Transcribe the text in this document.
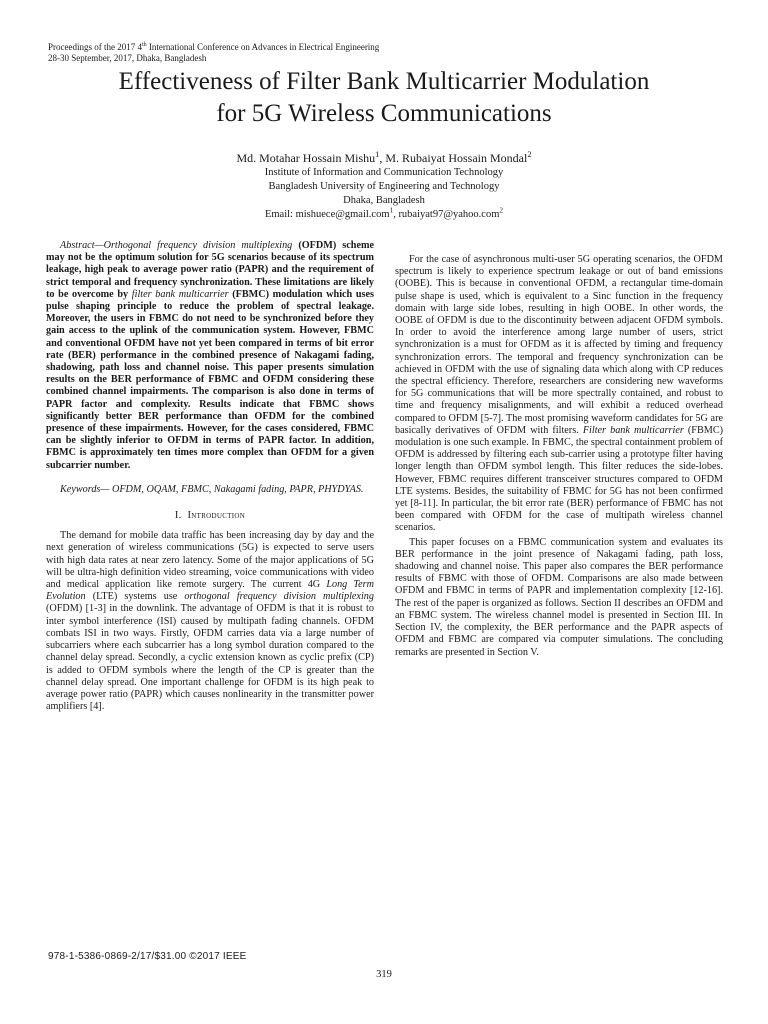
Proceedings of the 2017 4th International Conference on Advances in Electrical Engineering
28-30 September, 2017, Dhaka, Bangladesh
Effectiveness of Filter Bank Multicarrier Modulation
for 5G Wireless Communications
Md. Motahar Hossain Mishu$^1$, M. Rubaiyat Hossain Mondal$^2$
Institute of Information and Communication Technology
Bangladesh University of Engineering and Technology
Dhaka, Bangladesh
Email: mishuece@gmail.com$^1$, rubaiyat97@yahoo.com$^2$

Abstract—Orthogonal frequency division multiplexing (OFDM) scheme may not be the optimum solution for 5G scenarios because of its spectrum leakage, high peak to average power ratio (PAPR) and the requirement of strict temporal and frequency synchronization. These limitations are likely to be overcome by filter bank multicarrier (FBMC) modulation which uses pulse shaping principle to reduce the problem of spectral leakage. Moreover, the users in FBMC do not need to be synchronized before they gain access to the uplink of the communication system. However, FBMC and conventional OFDM have not yet been compared in terms of bit error rate (BER) performance in the combined presence of Nakagami fading, shadowing, path loss and channel noise. This paper presents simulation results on the BER performance of FBMC and OFDM considering these combined channel impairments. The comparison is also done in terms of PAPR factor and complexity. Results indicate that FBMC shows significantly better BER performance than OFDM for the combined presence of these impairments. However, for the cases considered, FBMC can be slightly inferior to OFDM in terms of PAPR factor. In addition, FBMC is approximately ten times more complex than OFDM for a given subcarrier number.

Keywords— OFDM, OQAM, FBMC, Nakagami fading, PAPR, PHYDYAS.

I. Introduction

The demand for mobile data traffic has been increasing day by day and the next generation of wireless communications (5G) is expected to serve users with high data rates at near zero latency. Some of the major applications of 5G will be ultra-high definition video streaming, voice communications with video and medical application like remote surgery. The current 4G Long Term Evolution (LTE) systems use orthogonal frequency division multiplexing (OFDM) [1-3] in the downlink. The advantage of OFDM is that it is robust to inter symbol interference (ISI) caused by multipath fading channels. OFDM combats ISI in two ways. Firstly, OFDM carries data via a large number of subcarriers where each subcarrier has a long symbol duration compared to the channel delay spread. Secondly, a cyclic extension known as cyclic prefix (CP) is added to OFDM symbols where the length of the CP is greater than the channel delay spread. One important challenge for OFDM is its high peak to average power ratio (PAPR) which causes nonlinearity in the transmitter power amplifiers [4].

For the case of asynchronous multi-user 5G operating scenarios, the OFDM spectrum is likely to experience spectrum leakage or out of band emissions (OOBE). This is because in conventional OFDM, a rectangular time-domain pulse shape is used, which is equivalent to a Sinc function in the frequency domain with large side lobes, resulting in high OOBE. In other words, the OOBE of OFDM is due to the discontinuity between adjacent OFDM symbols. In order to avoid the interference among large number of users, strict synchronization is a must for OFDM as it is affected by timing and frequency synchronization errors. The temporal and frequency synchronization can be achieved in OFDM with the use of signaling data which along with CP reduces the spectral efficiency. Therefore, researchers are considering new waveforms for 5G communications that will be more spectrally contained, and robust to time and frequency misalignments, and will exhibit a reduced overhead compared to OFDM [5-7]. The most promising waveform candidates for 5G are basically derivatives of OFDM with filters. Filter bank multicarrier (FBMC) modulation is one such example. In FBMC, the spectral containment problem of OFDM is addressed by filtering each sub-carrier using a prototype filter having longer length than OFDM symbol length. This filter reduces the side-lobes. However, FBMC requires different transceiver structures compared to OFDM LTE systems. Besides, the suitability of FBMC for 5G has not been confirmed yet [8-11]. In particular, the bit error rate (BER) performance of FBMC has not been compared with OFDM for the case of multipath wireless channel scenarios.

This paper focuses on a FBMC communication system and evaluates its BER performance in the joint presence of Nakagami fading, path loss, shadowing and channel noise. This paper also compares the BER performance results of FBMC with those of OFDM. Comparisons are also made between OFDM and FBMC in terms of PAPR and implementation complexity [12-16]. The rest of the paper is organized as follows. Section II describes an OFDM and an FBMC system. The wireless channel model is presented in Section III. In Section IV, the complexity, the BER performance and the PAPR aspects of OFDM and FBMC are compared via computer simulations. The concluding remarks are presented in Section V.

978-1-5386-0869-2/17/$31.00 ©2017 IEEE
319
